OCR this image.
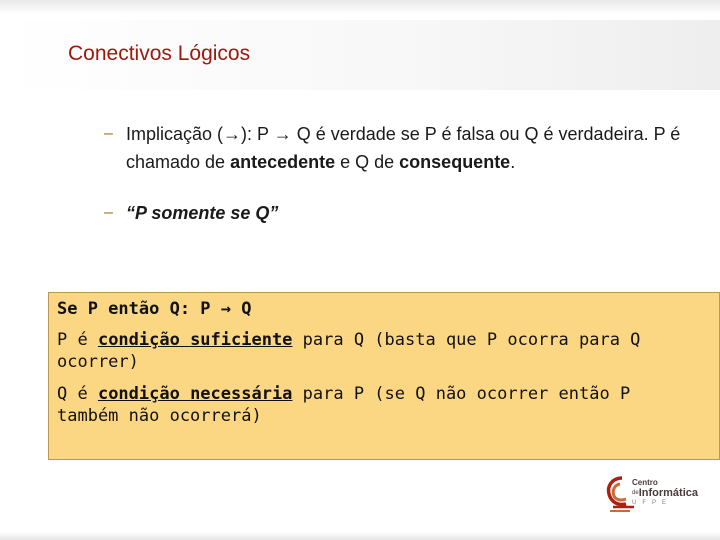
Conectivos Lógicos
– Implicação (→): P → Q é verdade se P é falsa ou Q é verdadeira. P é chamado de antecedente e Q de consequente.
– “P somente se Q”
Se P então Q: P → Q
P é condição suficiente para Q (basta que P ocorra para Q ocorrer)
Q é condição necessária para P (se Q não ocorrer então P também não ocorrerá)
Centro
$^{de}$Informática
UFPE
